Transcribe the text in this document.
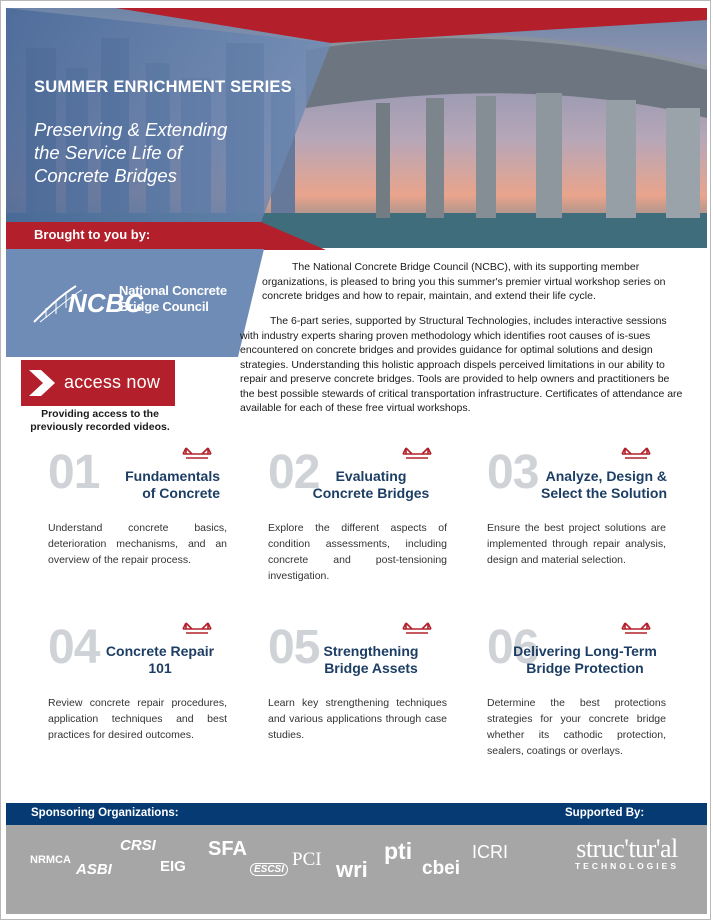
SUMMER ENRICHMENT SERIES
Preserving & Extending
the Service Life of
Concrete Bridges
Brought to you by:
NCBC
National Concrete
Bridge Council
access now
Providing access to the
previously recorded videos.
The National Concrete Bridge Council (NCBC), with its supporting member organizations, is pleased to bring you this summer's premier virtual workshop series on concrete bridges and how to repair, maintain, and extend their life cycle.
The 6-part series, supported by Structural Technologies, includes interactive sessions with industry experts sharing proven methodology which identifies root causes of is-sues encountered on concrete bridges and provides guidance for optimal solutions and design strategies. Understanding this holistic approach dispels perceived limitations in our ability to repair and preserve concrete bridges. Tools are provided to help owners and practitioners be the best possible stewards of critical transportation infrastructure. Certificates of attendance are available for each of these free virtual workshops.
01	Fundamentals
of Concrete
Understand concrete basics, deterioration mechanisms, and an overview of the repair process.
02	Evaluating
Concrete Bridges
Explore the different aspects of condition assessments, including concrete and post-tensioning investigation.
03 Analyze, Design &
Select the Solution
Ensure the best project solutions are implemented through repair analysis, design and material selection.
04 Concrete Repair
101
Review concrete repair procedures, application techniques and best practices for desired outcomes.
05 Strengthening
Bridge Assets
Learn key strengthening techniques and various applications through case studies.
06
Delivering Long-Term
Bridge Protection
Determine the best protections strategies for your concrete bridge whether its cathodic protection, sealers, coatings or overlays.
Sponsoring Organizations:	Supported By:
NRMCA
ASBI
CRSI
EIG
SFA
ESCSI PCI wri
pti
cbei
ICRI	struc'tur'al
TECHNOLOGIES
